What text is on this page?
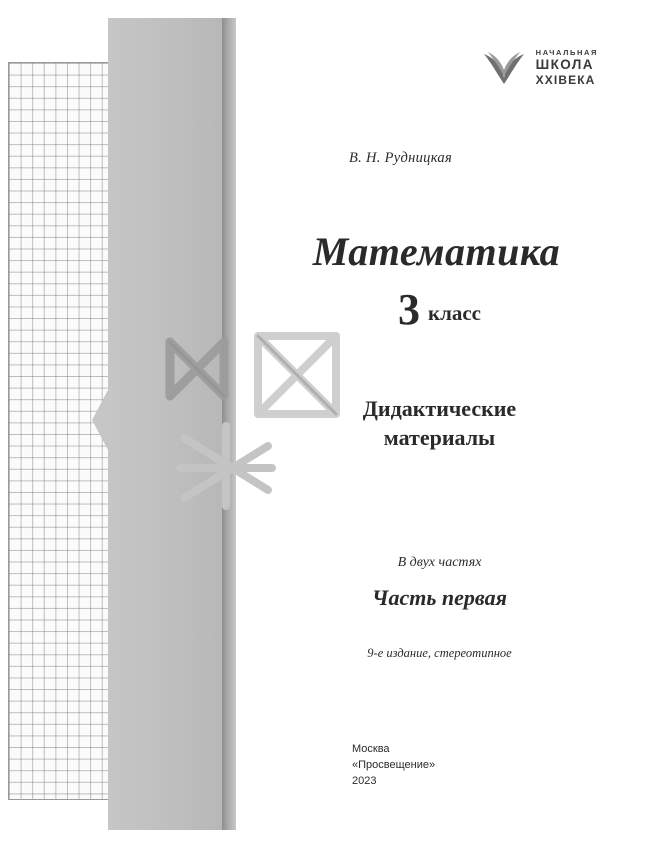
НАЧАЛЬНАЯ
ШКОЛА
XXIВЕКА
В. Н. Рудницкая
Математика
3 класс
Дидактические
материалы
В двух частях
Часть первая
9-е издание, стереотипное
Москва
«Просвещение»
2023
